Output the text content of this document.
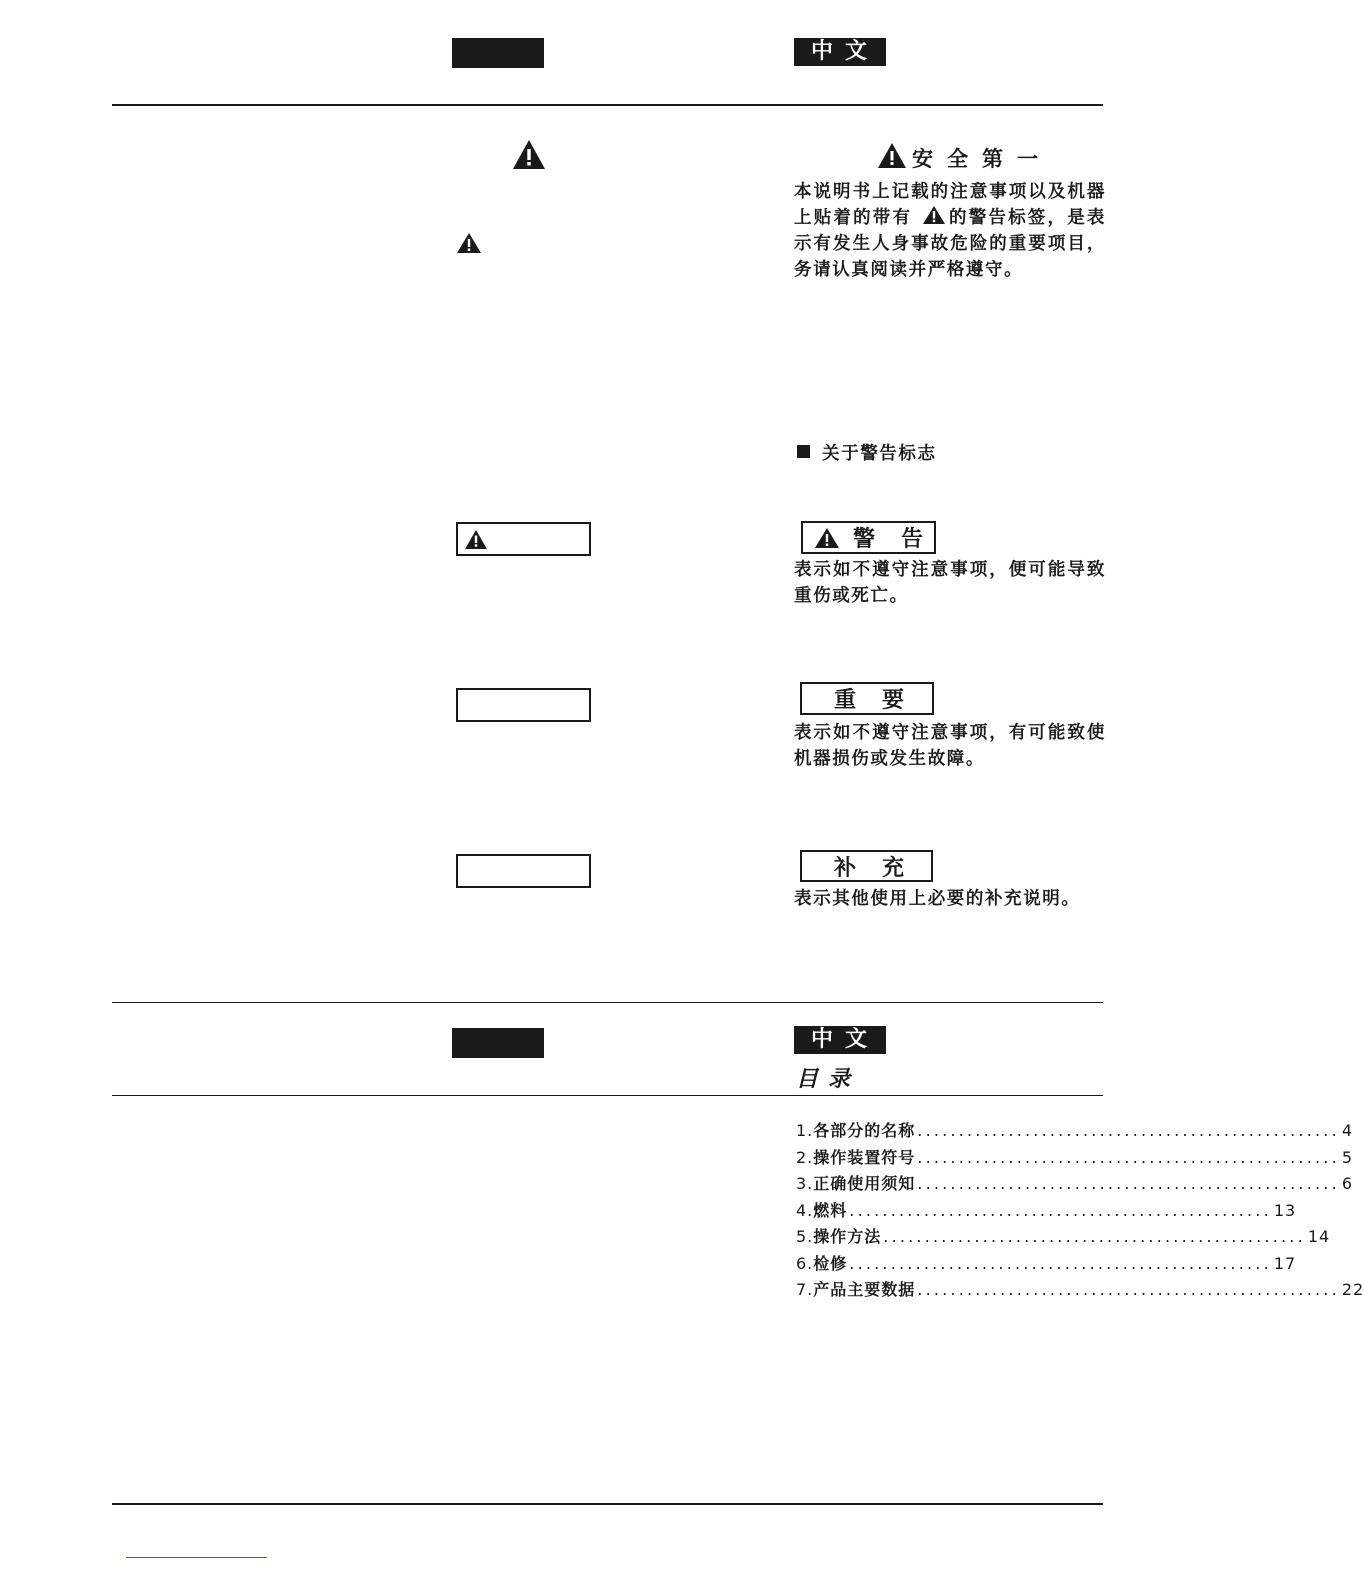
中文
安全第一
本说明书上记载的注意事项以及机器上贴着的带有 的警告标签，是表示有发生人身事故危险的重要项目，务请认真阅读并严格遵守。
关于警告标志
警告
表示如不遵守注意事项，便可能导致重伤或死亡。
重要
表示如不遵守注意事项，有可能致使机器损伤或发生故障。
补充
表示其他使用上必要的补充说明。
中文
目录
1. 各部分的名称 ................................................... 4
2. 操作装置符号 ................................................... 5
3. 正确使用须知 ................................................... 6
4. 燃料 ................................................... 13
5. 操作方法 ................................................... 14
6. 检修 ................................................... 17
7. 产品主要数据 ................................................... 22
